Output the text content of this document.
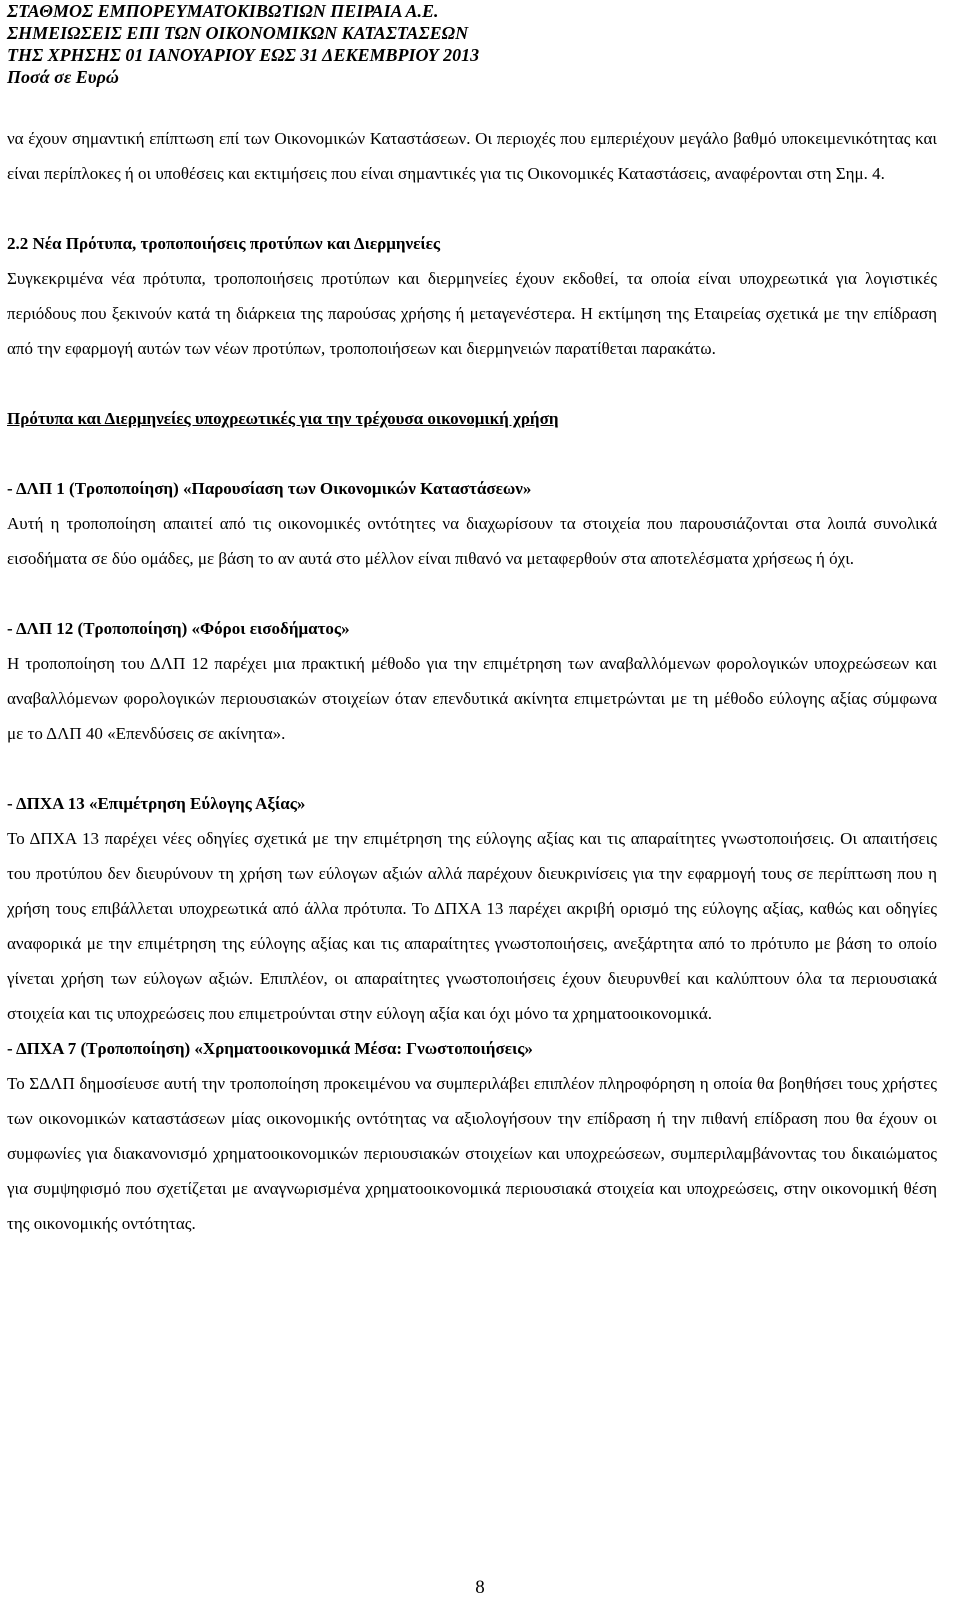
ΣΤΑΘΜΟΣ ΕΜΠΟΡΕΥΜΑΤΟΚΙΒΩΤΙΩΝ ΠΕΙΡΑΙΑ Α.Ε.

ΣΗΜΕΙΩΣΕΙΣ ΕΠΙ ΤΩΝ ΟΙΚΟΝΟΜΙΚΩΝ ΚΑΤΑΣΤΑΣΕΩΝ

ΤΗΣ ΧΡΗΣΗΣ 01 ΙΑΝΟΥΑΡΙΟΥ ΕΩΣ 31 ΔΕΚΕΜΒΡΙΟΥ 2013

Ποσά σε Ευρώ

να έχουν σημαντική επίπτωση επί των Οικονομικών Καταστάσεων. Οι περιοχές που εμπεριέχουν μεγάλο βαθμό υποκειμενικότητας και είναι περίπλοκες ή οι υποθέσεις και εκτιμήσεις που είναι σημαντικές για τις Οικονομικές Καταστάσεις, αναφέρονται στη Σημ. 4.

2.2 Νέα Πρότυπα, τροποποιήσεις προτύπων και Διερμηνείες

Συγκεκριμένα νέα πρότυπα, τροποποιήσεις προτύπων και διερμηνείες έχουν εκδοθεί, τα οποία είναι υποχρεωτικά για λογιστικές περιόδους που ξεκινούν κατά τη διάρκεια της παρούσας χρήσης ή μεταγενέστερα. Η εκτίμηση της Εταιρείας σχετικά με την επίδραση από την εφαρμογή αυτών των νέων προτύπων, τροποποιήσεων και διερμηνειών παρατίθεται παρακάτω.

Πρότυπα και Διερμηνείες υποχρεωτικές για την τρέχουσα οικονομική χρήση

- ΔΛΠ 1 (Τροποποίηση) «Παρουσίαση των Οικονομικών Καταστάσεων»

Αυτή η τροποποίηση απαιτεί από τις οικονομικές οντότητες να διαχωρίσουν τα στοιχεία που παρουσιάζονται στα λοιπά συνολικά εισοδήματα σε δύο ομάδες, με βάση το αν αυτά στο μέλλον είναι πιθανό να μεταφερθούν στα αποτελέσματα χρήσεως ή όχι.

- ΔΛΠ 12 (Τροποποίηση) «Φόροι εισοδήματος»

Η τροποποίηση του ΔΛΠ 12 παρέχει μια πρακτική μέθοδο για την επιμέτρηση των αναβαλλόμενων φορολογικών υποχρεώσεων και αναβαλλόμενων φορολογικών περιουσιακών στοιχείων όταν επενδυτικά ακίνητα επιμετρώνται με τη μέθοδο εύλογης αξίας σύμφωνα με το ΔΛΠ 40 «Επενδύσεις σε ακίνητα».

- ΔΠΧΑ 13 «Επιμέτρηση Εύλογης Αξίας»

Το ΔΠΧΑ 13 παρέχει νέες οδηγίες σχετικά με την επιμέτρηση της εύλογης αξίας και τις απαραίτητες γνωστοποιήσεις. Οι απαιτήσεις του προτύπου δεν διευρύνουν τη χρήση των εύλογων αξιών αλλά παρέχουν διευκρινίσεις για την εφαρμογή τους σε περίπτωση που η χρήση τους επιβάλλεται υποχρεωτικά από άλλα πρότυπα. Το ΔΠΧΑ 13 παρέχει ακριβή ορισμό της εύλογης αξίας, καθώς και οδηγίες αναφορικά με την επιμέτρηση της εύλογης αξίας και τις απαραίτητες γνωστοποιήσεις, ανεξάρτητα από το πρότυπο με βάση το οποίο γίνεται χρήση των εύλογων αξιών. Επιπλέον, οι απαραίτητες γνωστοποιήσεις έχουν διευρυνθεί και καλύπτουν όλα τα περιουσιακά στοιχεία και τις υποχρεώσεις που επιμετρούνται στην εύλογη αξία και όχι μόνο τα χρηματοοικονομικά.

- ΔΠΧΑ 7 (Τροποποίηση) «Χρηματοοικονομικά Μέσα: Γνωστοποιήσεις»

Το ΣΔΛΠ δημοσίευσε αυτή την τροποποίηση προκειμένου να συμπεριλάβει επιπλέον πληροφόρηση η οποία θα βοηθήσει τους χρήστες των οικονομικών καταστάσεων μίας οικονομικής οντότητας να αξιολογήσουν την επίδραση ή την πιθανή επίδραση που θα έχουν οι συμφωνίες για διακανονισμό χρηματοοικονομικών περιουσιακών στοιχείων και υποχρεώσεων, συμπεριλαμβάνοντας του δικαιώματος για συμψηφισμό που σχετίζεται με αναγνωρισμένα χρηματοοικονομικά περιουσιακά στοιχεία και υποχρεώσεις, στην οικονομική θέση της οικονομικής οντότητας.

8
